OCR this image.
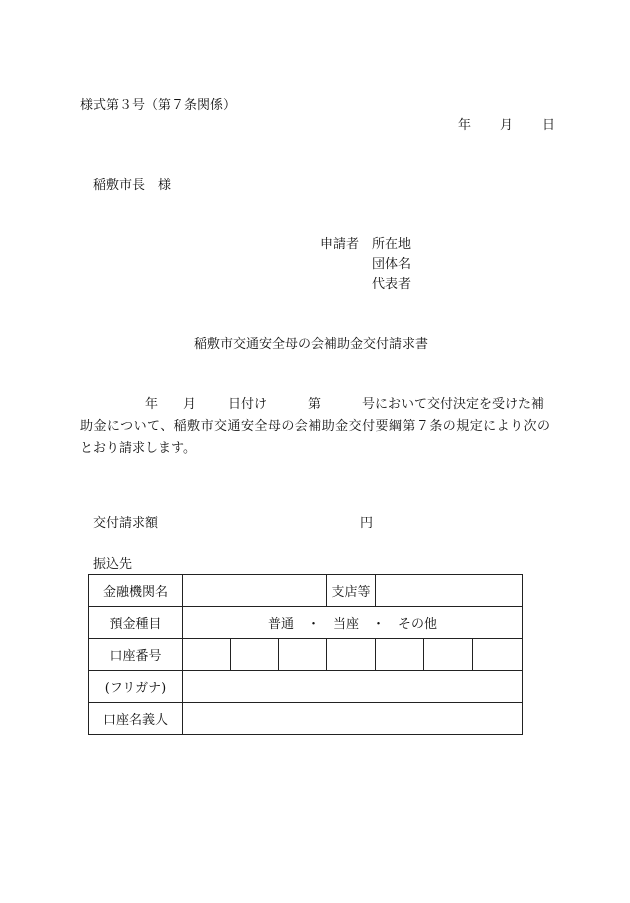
様式第３号（第７条関係）
年 月 日
稲敷市長　様
申請者 所在地
団体名
代表者
稲敷市交通安全母の会補助金交付請求書
年 月 日付け	第	号において交付決定を受けた補
助金について、稲敷市交通安全母の会補助金交付要綱第７条の規定により次の
とおり請求します。
交付請求額	円
振込先
金融機関名				支店等			
預金種目	普通　・　当座　・　その他						
口座番号							
(フリガナ)							
口座名義人							
